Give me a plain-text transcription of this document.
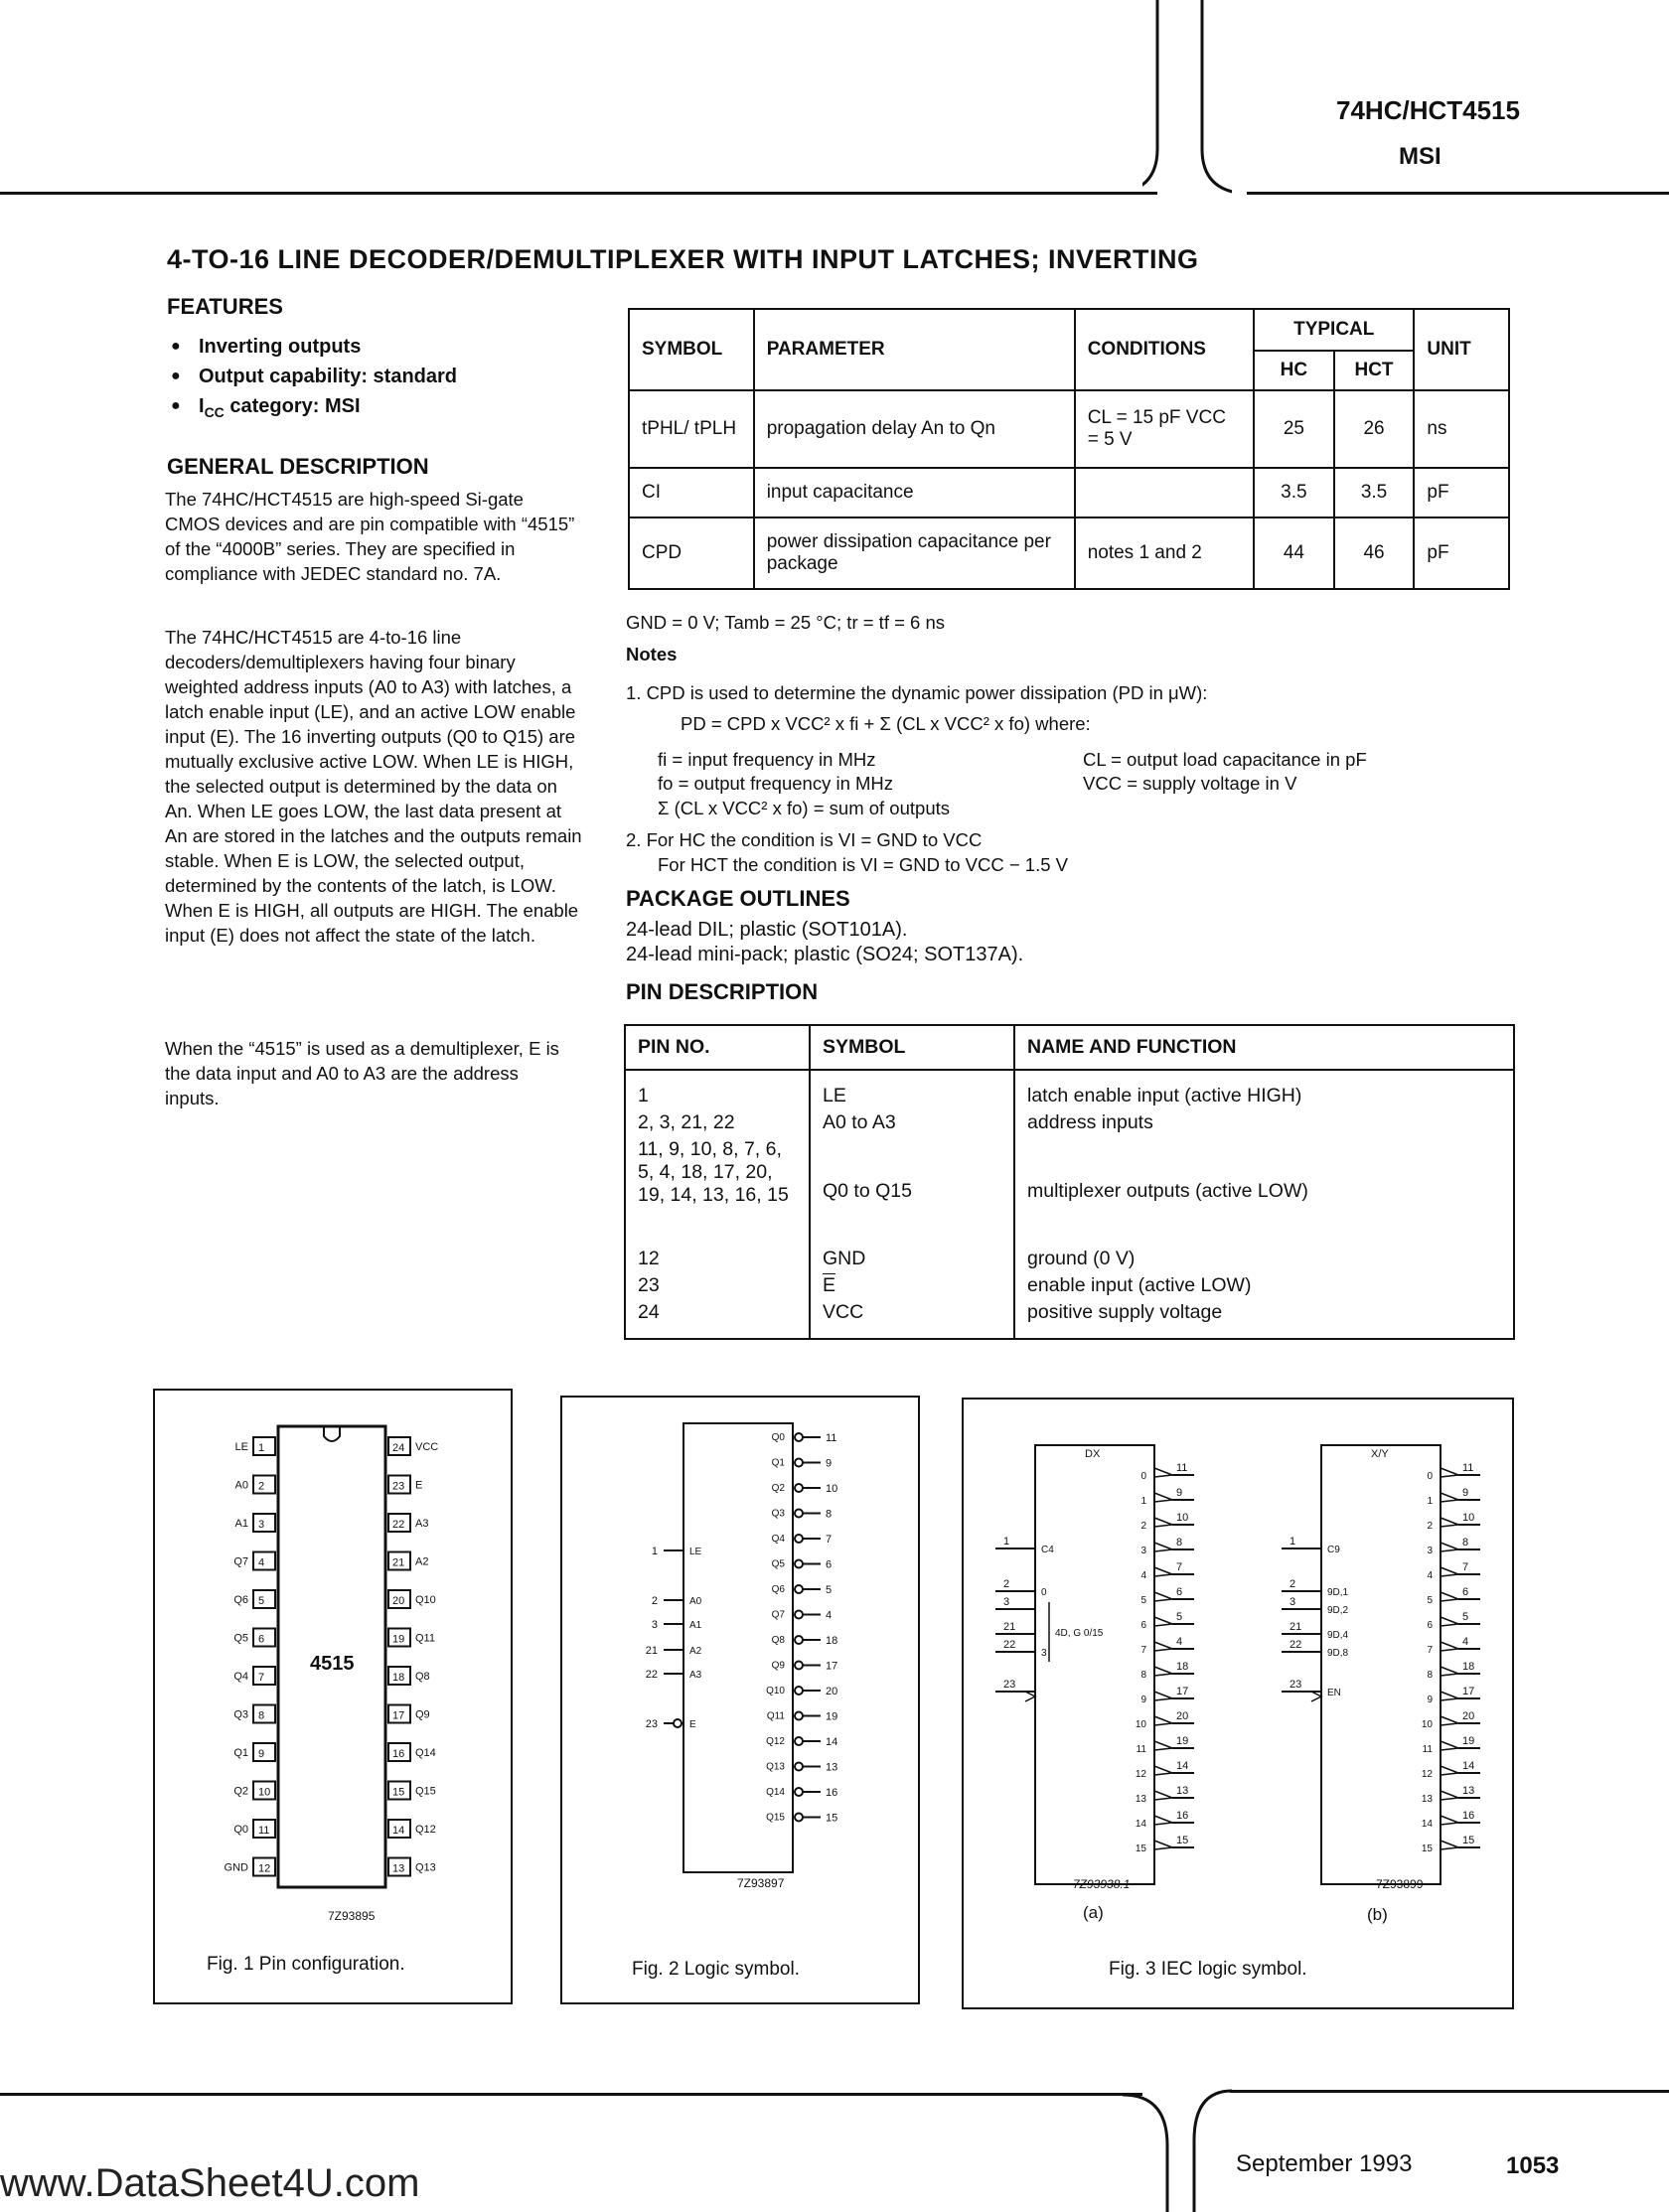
74HC/HCT4515
MSI
4-TO-16 LINE DECODER/DEMULTIPLEXER WITH INPUT LATCHES; INVERTING
FEATURES
● Inverting outputs
● Output capability: standard
● $I_{CC}$ category: MSI
GENERAL DESCRIPTION
The 74HC/HCT4515 are high-speed Si-gate CMOS devices and are pin compatible with “4515” of the “4000B” series. They are specified in compliance with JEDEC standard no. 7A.
The 74HC/HCT4515 are 4-to-16 line decoders/demultiplexers having four binary weighted address inputs (A0 to A3) with latches, a latch enable input (LE), and an active LOW enable input (E). The 16 inverting outputs (Q0 to Q15) are mutually exclusive active LOW. When LE is HIGH, the selected output is determined by the data on An. When LE goes LOW, the last data present at An are stored in the latches and the outputs remain stable. When E is LOW, the selected output, determined by the contents of the latch, is LOW. When E is HIGH, all outputs are HIGH. The enable input (E) does not affect the state of the latch.
When the “4515” is used as a demultiplexer, E is the data input and A0 to A3 are the address inputs.
SYMBOL	PARAMETER	CONDITIONS	TYPICAL		UNIT
			HC	HCT	
tPHL/ tPLH	propagation delay An to Qn	CL = 15 pF VCC = 5 V	25	26	ns
CI	input capacitance		3.5	3.5	pF
CPD	power dissipation capacitance per package	notes 1 and 2	44	46	pF
GND = 0 V; Tamb = 25 °C; tr = tf = 6 ns
Notes
1. CPD is used to determine the dynamic power dissipation (PD in μW):
PD = CPD x VCC² x fi + Σ (CL x VCC² x fo) where:
fi = input frequency in MHz
fo = output frequency in MHz
Σ (CL x VCC² x fo) = sum of outputs
CL = output load capacitance in pF
VCC = supply voltage in V
2. For HC the condition is VI = GND to VCC
For HCT the condition is VI = GND to VCC − 1.5 V
PACKAGE OUTLINES
24-lead DIL; plastic (SOT101A).
24-lead mini-pack; plastic (SO24; SOT137A).
PIN DESCRIPTION
PIN NO.	SYMBOL	NAME AND FUNCTION
1	LE	latch enable input (active HIGH)
2, 3, 21, 22	A0 to A3	address inputs
11, 9, 10, 8, 7, 6, 5, 4, 18, 17, 20, 19, 14, 13, 16, 15	Q0 to Q15	multiplexer outputs (active LOW)
12	GND	ground (0 V)
23	$\overline{E}$	enable input (active LOW)
24	VCC	positive supply voltage
4515
1
LE	24 VCC
2
A0	23 E
3
A1	22 A3
4
Q7	21 A2
5
Q6	20 Q10
6
Q5	19 Q11
7
Q4	18 Q8
8
Q3	17 Q9
9
Q1	16 Q14
10
Q2	15 Q15
11
Q0	14 Q12
12
GND	13 Q13
7Z93895
Fig. 1 Pin configuration.
1	LE
2	A0
3	A1
21	A2
22	A3
23	E
Q0	11
Q1	9
Q2	10
Q3	8
Q4	7
Q5	6
Q6	5
Q7	4
Q8	18
Q9	17
Q10	20
Q11	19
Q12	14
Q13	13
Q14	16
Q15	15
7Z93897
Fig. 2 Logic symbol.
DX
1
C4
2
0
3
21
22
3
23
4D, G 0/15
0
11
1
9
2
10
3
8
4
7
5
6
6
5
7
4
8
18
9
17
10
20
11
19
12
14
13
13
14
16
15
15
X/Y
1
C9
2
9D,1
3
9D,2
21
9D,4
22
9D,8
23
EN
0
11
1
9
2
10
3
8
4
7
5
6
6
5
7
4
8
18
9
17
10
20
11
19
12
14
13
13
14
16
15
15
7Z93938.1	7Z93899
(a)	(b)
Fig. 3 IEC logic symbol.
September 1993	1053
www.DataSheet4U.com
